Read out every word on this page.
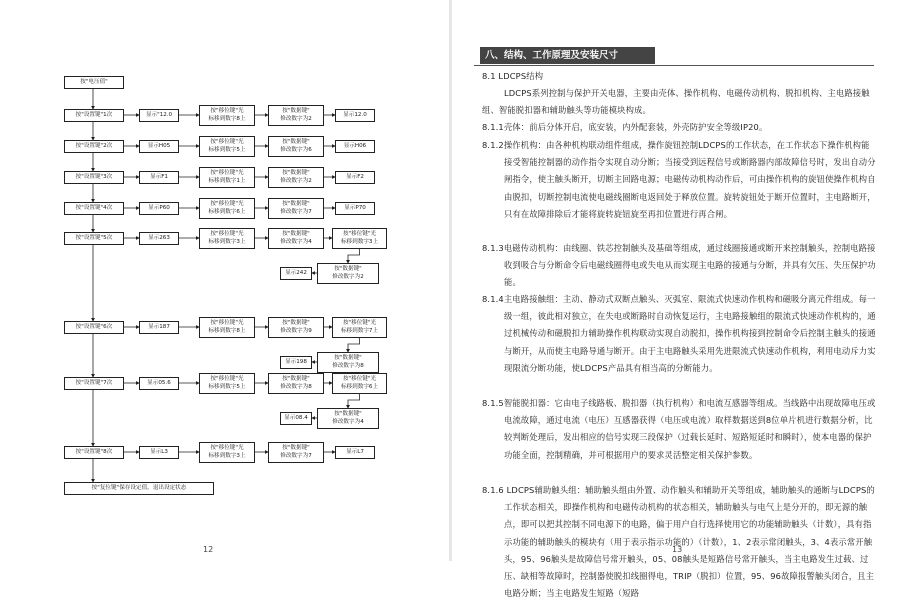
按"电压值"
按"设置键"1次	显示"12.0
按"移位键"光
标移到数字8上
按"数据键"
修改数字为2
显示12.0
按"设置键"2次	显示H05
按"移位键"光
标移到数字5上
按"数据键"
修改数字为6
显示H06
按"设置键"3次	显示F1
按"移位键"光
标移到数字1上
按"数据键"
修改数字为2
显示F2
按"设置键"4次	显示P60
按"移位键"光
标移到数字6上
按"数据键"
修改数字为7
显示P70
按"设置键"5次	显示263
按"移位键"光
标移到数字3上
按"数据键"
修改数字为4
按"移位键"光
标移到数字3上
按"数据键"
修改数字为2
显示242
按"设置键"6次	显示187
按"移位键"光
标移到数字8上
按"数据键"
修改数字为9
按"移位键"光
标移到数字7上
按"数据键"
修改数字为8
显示198
按"设置键"7次	显示05.6
按"移位键"光
标移到数字5上
按"数据键"
修改数字为8
按"移位键"光
标移到数字6上
按"数据键"
修改数字为4
显示08.4
按"设置键"8次	显示L3
按"移位键"光
标移到数字3上
按"数据键"
修改数字为7
显示L7
按"复位键"保存设定值，退出设定状态
12
八、结构、工作原理及安装尺寸
8.1 LDCPS结构
LDCPS系列控制与保护开关电器，主要由壳体、操作机构、电磁传动机构、脱扣机构、主电路接触组、智能脱扣器和辅助触头等功能模块构成。
8.1.1壳体：前后分体开启，底安装，内外配套装，外壳防护安全等级IP20。
8.1.2操作机构：由各种机构联动组件组成，操作旋钮控制LDCPS的工作状态，在工作状态下操作机构能接受智能控制器的动作指令实现自动分断；当接受到远程信号或断路器内部故障信号时，发出自动分闸指令，使主触头断开，切断主回路电源；电磁传动机构动作后，可由操作机构的旋钮使操作机构自由脱扣，切断控制电流使电磁线圈断电返回处于释放位置。旋转旋钮处于断开位置时，主电路断开，只有在故障排除后才能将旋转旋钮旋至再扣位置进行再合闸。
8.1.3电磁传动机构：由线圈、铁芯控制触头及基础等组成，通过线圈接通或断开来控制触头，控制电路接收到吸合与分断命令后电磁线圈得电或失电从而实现主电路的接通与分断，并具有欠压、失压保护功能。
8.1.4主电路接触组：主动、静动式双断点触头、灭弧室、限流式快速动作机构和磁吸分离元件组成。每一级一组，彼此相对独立，在失电或断路时自动恢复运行，主电路接触组的限流式快速动作机构的，通过机械传动和磁脱扣力辅助操作机构联动实现自动脱扣，操作机构接到控制命令后控制主触头的接通与断开，从而使主电路导通与断开。由于主电路触头采用先进限流式快速动作机构，利用电动斥力实现限流分断功能，使LDCPS产品具有相当高的分断能力。
8.1.5智能脱扣器：它由电子线路板、脱扣器（执行机构）和电流互感器等组成。当线路中出现故障电压或电流故障，通过电流（电压）互感器获得（电压或电流）取样数据送到8位单片机进行数据分析，比较判断处理后，发出相应的信号实现三段保护（过载长延时、短路短延时和瞬时），使本电器的保护功能全面，控制精确，并可根据用户的要求灵活整定相关保护参数。
8.1.6 LDCPS辅助触头组：辅助触头组由外置、动作触头和辅助开关等组成，辅助触头的通断与LDCPS的工作状态相关，即操作机构和电磁传动机构的状态相关，辅助触头与电气上是分开的，即无源的触点，即可以把其控制不同电源下的电路，偏于用户自行选择使用它的功能辅助触头（计数），具有指示功能的辅助触头的模块有（用于表示指示功能的）（计数），1、2表示常闭触头，3、4表示常开触头，95、96触头是故障信号常开触头，05、08触头是短路信号常开触头，当主电路发生过载、过压、缺相等故障时，控制器使脱扣线圈得电，TRIP（脱扣）位置，95、96故障报警触头闭合，且主电路分断；当主电路发生短路（短路
13
